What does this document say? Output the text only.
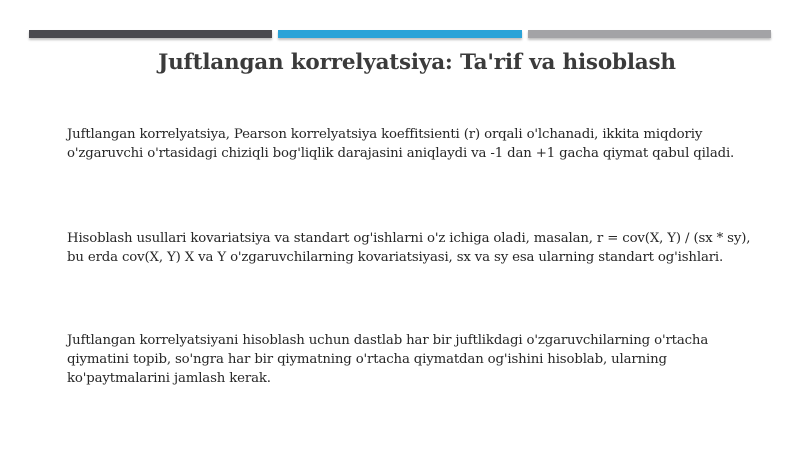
Juftlangan korrelyatsiya: Ta'rif va hisoblash

Juftlangan korrelyatsiya, Pearson korrelyatsiya koeffitsienti (r) orqali o'lchanadi, ikkita miqdoriy o'zgaruvchi o'rtasidagi chiziqli bog'liqlik darajasini aniqlaydi va -1 dan +1 gacha qiymat qabul qiladi.

Hisoblash usullari kovariatsiya va standart og'ishlarni o'z ichiga oladi, masalan, r = cov(X, Y) / (sx * sy), bu erda cov(X, Y) X va Y o'zgaruvchilarning kovariatsiyasi, sx va sy esa ularning standart og'ishlari.

Juftlangan korrelyatsiyani hisoblash uchun dastlab har bir juftlikdagi o'zgaruvchilarning o'rtacha qiymatini topib, so'ngra har bir qiymatning o'rtacha qiymatdan og'ishini hisoblab, ularning ko'paytmalarini jamlash kerak.
